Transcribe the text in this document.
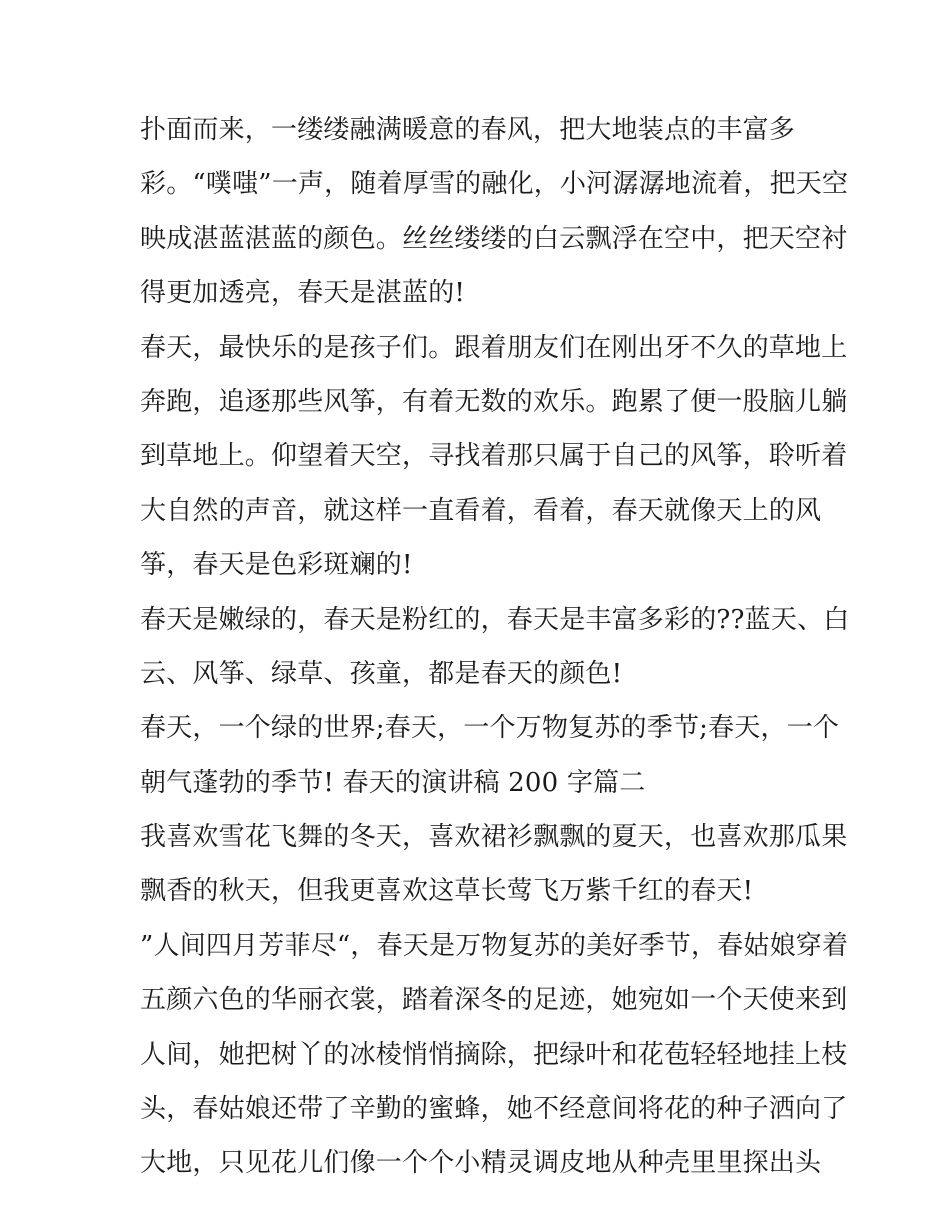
扑面而来，一缕缕融满暖意的春风，把大地装点的丰富多
彩。“噗嗤”一声，随着厚雪的融化，小河潺潺地流着，把天空
映成湛蓝湛蓝的颜色。丝丝缕缕的白云飘浮在空中，把天空衬
得更加透亮，春天是湛蓝的!
春天，最快乐的是孩子们。跟着朋友们在刚出牙不久的草地上
奔跑，追逐那些风筝，有着无数的欢乐。跑累了便一股脑儿躺
到草地上。仰望着天空，寻找着那只属于自己的风筝，聆听着
大自然的声音，就这样一直看着，看着，春天就像天上的风
筝，春天是色彩斑斓的!
春天是嫩绿的，春天是粉红的，春天是丰富多彩的??蓝天、白
云、风筝、绿草、孩童，都是春天的颜色!
春天，一个绿的世界;春天，一个万物复苏的季节;春天，一个
朝气蓬勃的季节! 春天的演讲稿 200 字篇二
我喜欢雪花飞舞的冬天，喜欢裙衫飘飘的夏天，也喜欢那瓜果
飘香的秋天，但我更喜欢这草长莺飞万紫千红的春天!
”人间四月芳菲尽“，春天是万物复苏的美好季节，春姑娘穿着
五颜六色的华丽衣裳，踏着深冬的足迹，她宛如一个天使来到
人间，她把树丫的冰棱悄悄摘除，把绿叶和花苞轻轻地挂上枝
头，春姑娘还带了辛勤的蜜蜂，她不经意间将花的种子洒向了
大地，只见花儿们像一个个小精灵调皮地从种壳里里探出头
